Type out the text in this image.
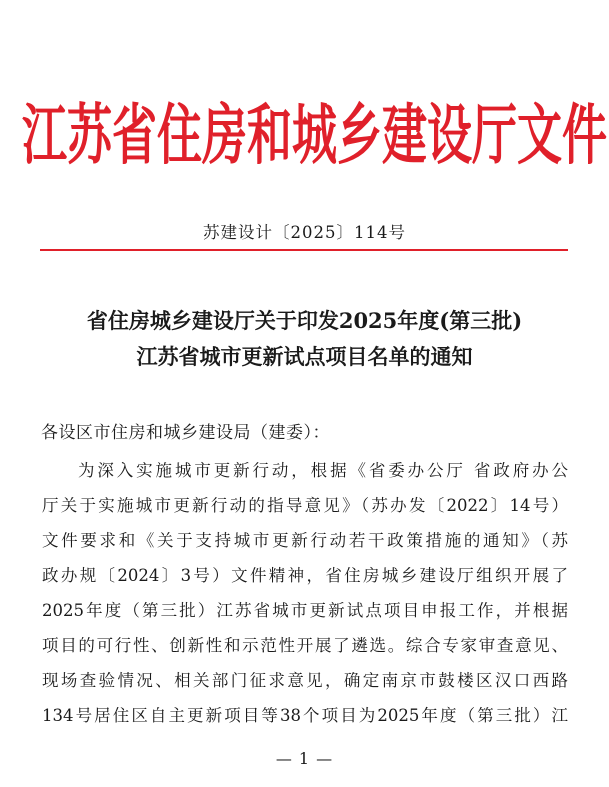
江苏省住房和城乡建设厅文件
苏建设计〔2025〕114号
省住房城乡建设厅关于印发2025年度(第三批)
江苏省城市更新试点项目名单的通知
各设区市住房和城乡建设局（建委）：
为深入实施城市更新行动，根据《省委办公厅 省政府办公
厅关于实施城市更新行动的指导意见》（苏办发〔2022〕14号）
文件要求和《关于支持城市更新行动若干政策措施的通知》（苏
政办规〔2024〕3号）文件精神，省住房城乡建设厅组织开展了
2025年度（第三批）江苏省城市更新试点项目申报工作，并根据
项目的可行性、创新性和示范性开展了遴选。综合专家审查意见、
现场查验情况、相关部门征求意见，确定南京市鼓楼区汉口西路
134号居住区自主更新项目等38个项目为2025年度（第三批）江
— 1 —
